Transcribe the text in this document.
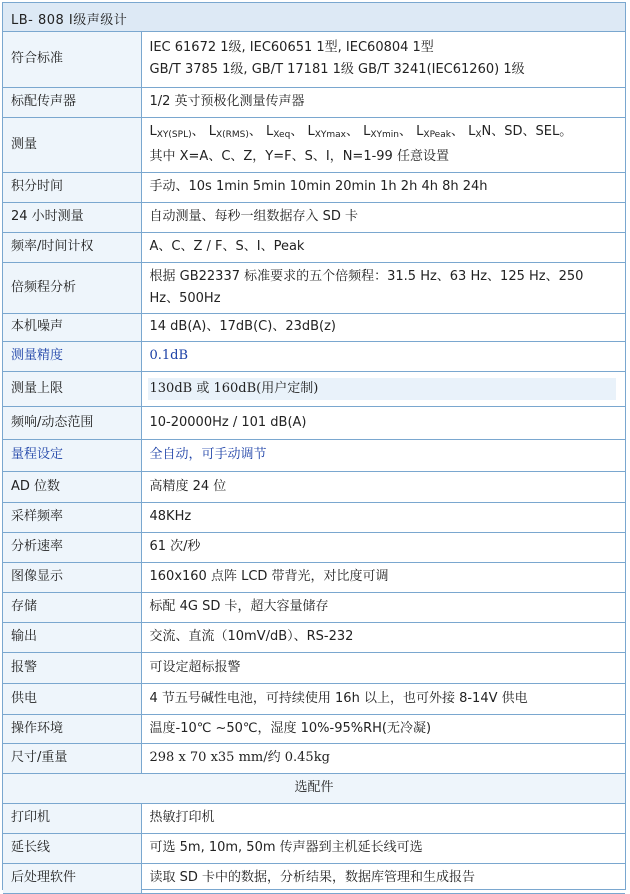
LB- 808 I级声级计
符合标准	IEC 61672 1级, IEC60651 1型, IEC60804 1型
GB/T 3785 1级, GB/T 17181 1级 GB/T 3241(IEC61260) 1级

标配传声器	1/2 英寸预极化测量传声器
测量	$L_{XY(SPL)}$、 $L_{X(RMS)}$、 $L_{Xeq}$、 $L_{XYmax}$、 $L_{XYmin}$、 $L_{XPeak}$、 $L_XN$、SD、SEL。
其中 X=A、C、Z，Y=F、S、I，N=1-99 任意设置

积分时间	手动、10s 1min 5min 10min 20min 1h 2h 4h 8h 24h
24 小时测量	自动测量、每秒一组数据存入 SD 卡
频率/时间计权	A、C、Z / F、S、I、Peak
倍频程分析	根据 GB22337 标准要求的五个倍频程：31.5 Hz、63 Hz、125 Hz、250
Hz、500Hz

本机噪声	14 dB(A)、17dB(C)、23dB(z)
测量精度	0.1dB
测量上限	130dB 或 160dB(用户定制)
频响/动态范围	10-20000Hz / 101 dB(A)
量程设定	全自动，可手动调节
AD 位数	高精度 24 位
采样频率	48KHz
分析速率	61 次/秒
图像显示	160x160 点阵 LCD 带背光，对比度可调
存储	标配 4G SD 卡，超大容量储存
输出	交流、直流（10mV/dB）、RS-232
报警	可设定超标报警
供电	4 节五号碱性电池，可持续使用 16h 以上，也可外接 8-14V 供电
操作环境	温度-10℃ ~50℃，湿度 10%-95%RH(无冷凝)
尺寸/重量	298 x 70 x35 mm/约 0.45kg
选配件	
打印机	热敏打印机
延长线	可选 5m, 10m, 50m 传声器到主机延长线可选
后处理软件	读取 SD 卡中的数据，分析结果，数据库管理和生成报告
